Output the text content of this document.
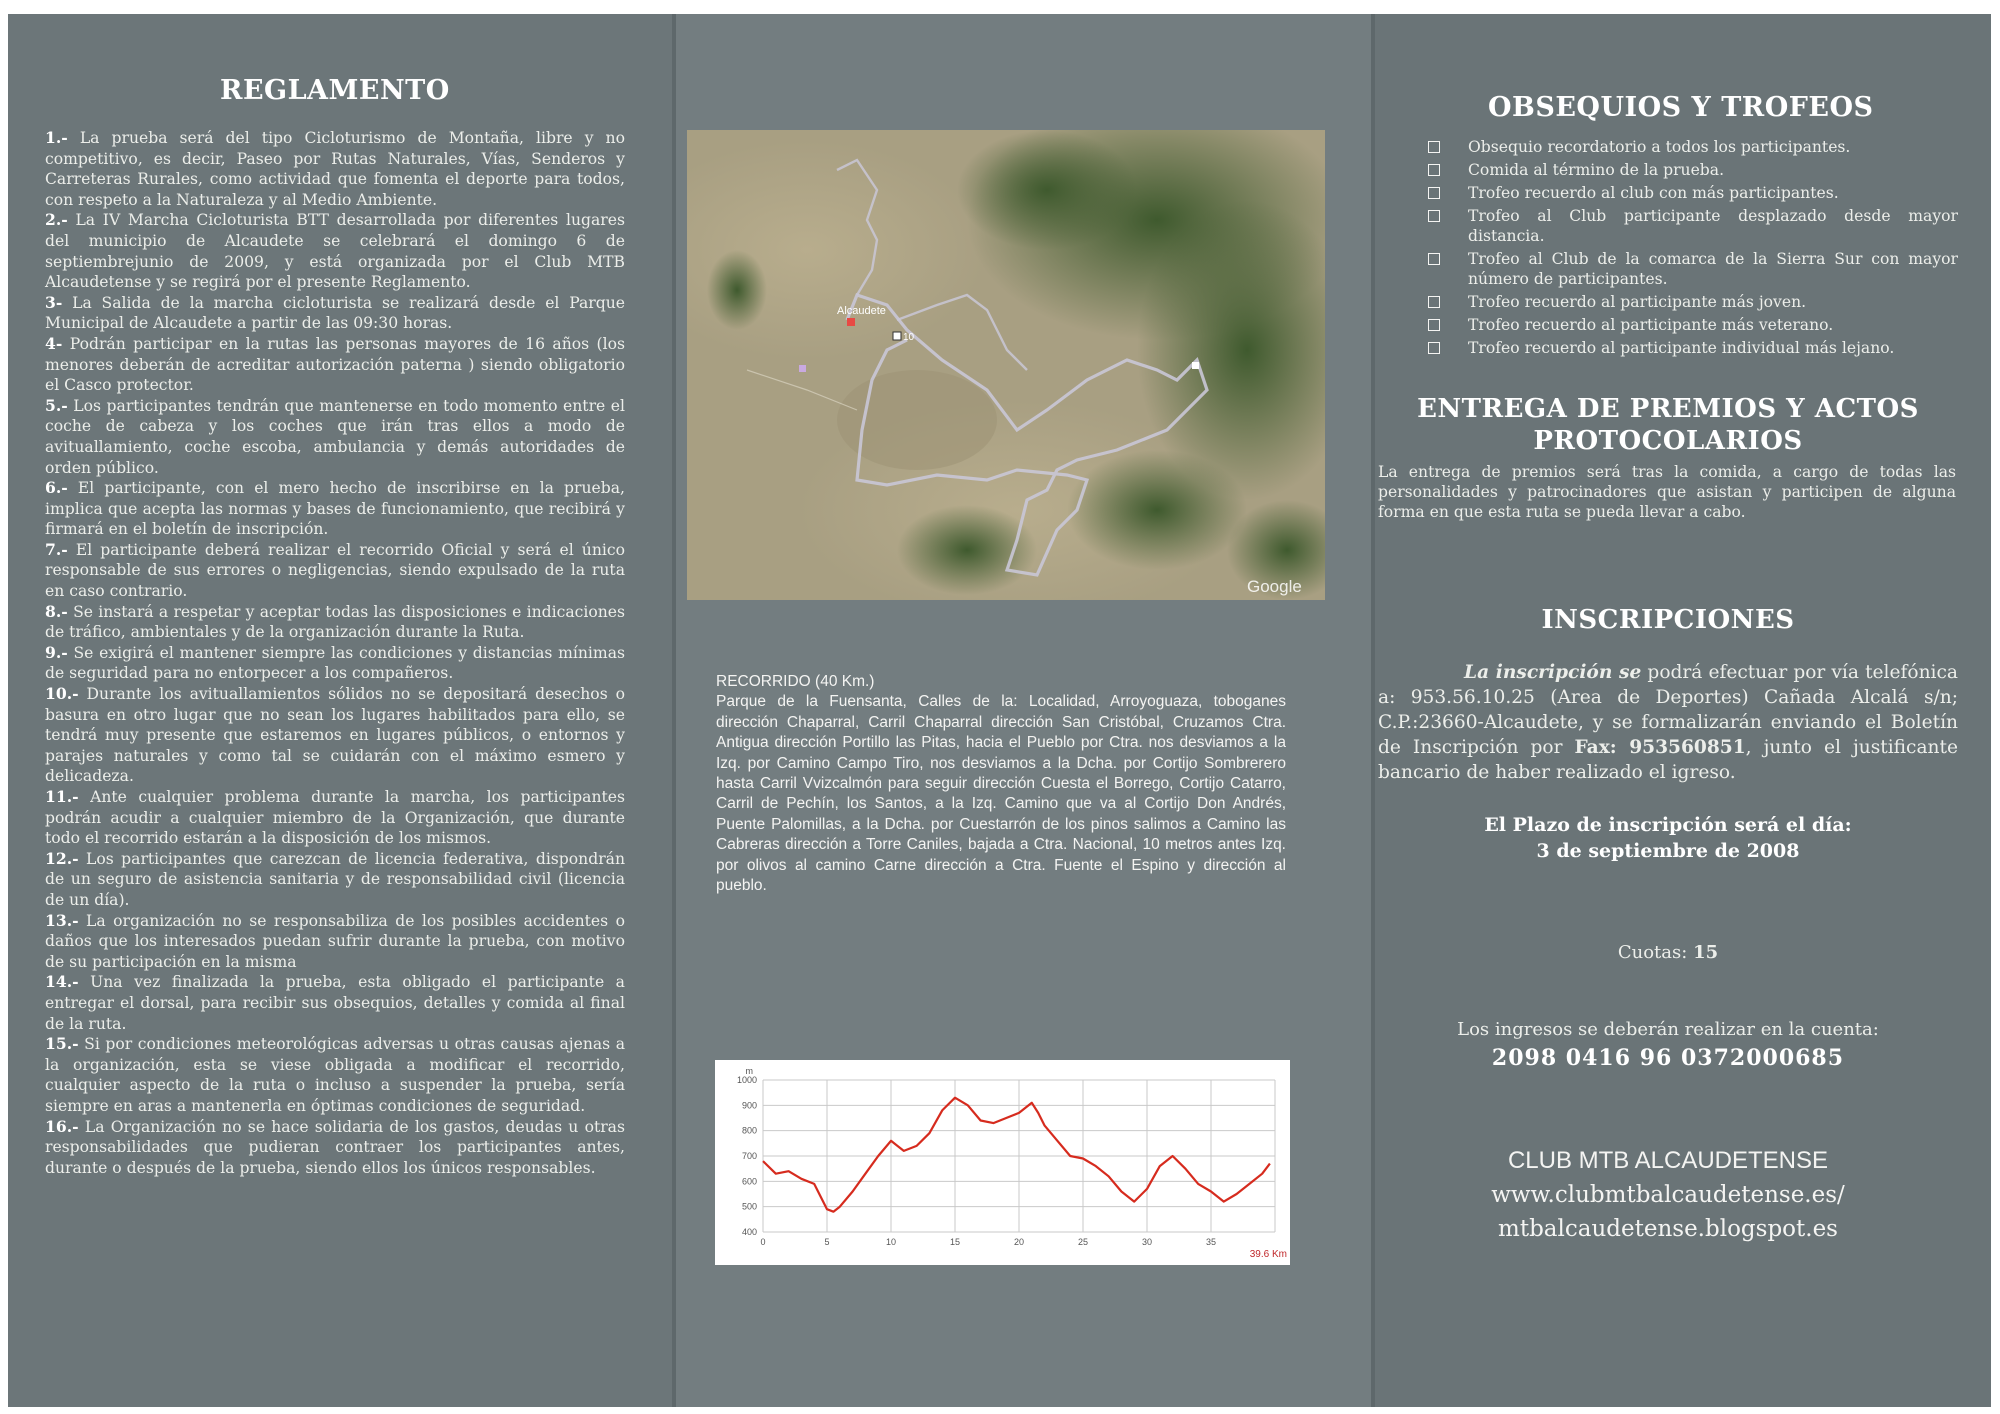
REGLAMENTO

1.- La prueba será del tipo Cicloturismo de Montaña, libre y no competitivo, es decir, Paseo por Rutas Naturales, Vías, Senderos y Carreteras Rurales, como actividad que fomenta el deporte para todos, con respeto a la Naturaleza y al Medio Ambiente.

2.- La IV Marcha Cicloturista BTT desarrollada por diferentes lugares del municipio de Alcaudete se celebrará el domingo 6 de septiembrejunio de 2009, y está organizada por el Club MTB Alcaudetense y se regirá por el presente Reglamento.

3- La Salida de la marcha cicloturista se realizará desde el Parque Municipal de Alcaudete a partir de las 09:30 horas.

4- Podrán participar en la rutas las personas mayores de 16 años (los menores deberán de acreditar autorización paterna ) siendo obligatorio el Casco protector.

5.- Los participantes tendrán que mantenerse en todo momento entre el coche de cabeza y los coches que irán tras ellos a modo de avituallamiento, coche escoba, ambulancia y demás autoridades de orden público.

6.- El participante, con el mero hecho de inscribirse en la prueba, implica que acepta las normas y bases de funcionamiento, que recibirá y firmará en el boletín de inscripción.

7.- El participante deberá realizar el recorrido Oficial y será el único responsable de sus errores o negligencias, siendo expulsado de la ruta en caso contrario.

8.- Se instará a respetar y aceptar todas las disposiciones e indicaciones de tráfico, ambientales y de la organización durante la Ruta.

9.- Se exigirá el mantener siempre las condiciones y distancias mínimas de seguridad para no entorpecer a los compañeros.

10.- Durante los avituallamientos sólidos no se depositará desechos o basura en otro lugar que no sean los lugares habilitados para ello, se tendrá muy presente que estaremos en lugares públicos, o entornos y parajes naturales y como tal se cuidarán con el máximo esmero y delicadeza.

11.- Ante cualquier problema durante la marcha, los participantes podrán acudir a cualquier miembro de la Organización, que durante todo el recorrido estarán a la disposición de los mismos.

12.- Los participantes que carezcan de licencia federativa, dispondrán de un seguro de asistencia sanitaria y de responsabilidad civil (licencia de un día).

13.- La organización no se responsabiliza de los posibles accidentes o daños que los interesados puedan sufrir durante la prueba, con motivo de su participación en la misma

14.- Una vez finalizada la prueba, esta obligado el participante a entregar el dorsal, para recibir sus obsequios, detalles y comida al final de la ruta.

15.- Si por condiciones meteorológicas adversas u otras causas ajenas a la organización, esta se viese obligada a modificar el recorrido, cualquier aspecto de la ruta o incluso a suspender la prueba, sería siempre en aras a mantenerla en óptimas condiciones de seguridad.

16.- La Organización no se hace solidaria de los gastos, deudas u otras responsabilidades que pudieran contraer los participantes antes, durante o después de la prueba, siendo ellos los únicos responsables.

Alcaudete
10
Google

RECORRIDO (40 Km.)

Parque de la Fuensanta, Calles de la: Localidad, Arroyoguaza, toboganes dirección Chaparral, Carril Chaparral dirección San Cristóbal, Cruzamos Ctra. Antigua dirección Portillo las Pitas, hacia el Pueblo por Ctra. nos desviamos a la Izq. por Camino Campo Tiro, nos desviamos a la Dcha. por Cortijo Sombrerero hasta Carril Vvizcalmón para seguir dirección Cuesta el Borrego, Cortijo Catarro, Carril de Pechín, los Santos, a la Izq. Camino que va al Cortijo Don Andrés, Puente Palomillas, a la Dcha. por Cuestarrón de los pinos salimos a Camino las Cabreras dirección a Torre Caniles, bajada a Ctra. Nacional, 10 metros antes Izq. por olivos al camino Carne dirección a Ctra. Fuente el Espino y dirección al pueblo.

400
500
600
700
800
900
1000
0	5	10	15	20	25	30	35
m
39.6 Km
OBSEQUIOS Y TROFEOS
Obsequio recordatorio a todos los participantes.
Comida al término de la prueba.
Trofeo recuerdo al club con más participantes.
Trofeo al Club participante desplazado desde mayor distancia.
Trofeo al Club de la comarca de la Sierra Sur con mayor número de participantes.
Trofeo recuerdo al participante más joven.
Trofeo recuerdo al participante más veterano.
Trofeo recuerdo al participante individual más lejano.
ENTREGA DE PREMIOS Y ACTOS
PROTOCOLARIOS

La entrega de premios será tras la comida, a cargo de todas las personalidades y patrocinadores que asistan y participen de alguna forma en que esta ruta se pueda llevar a cabo.

INSCRIPCIONES

La inscripción se podrá efectuar por vía telefónica a: 953.56.10.25 (Area de Deportes) Cañada Alcalá s/n; C.P.:23660-Alcaudete, y se formalizarán enviando el Boletín de Inscripción por Fax: 953560851, junto el justificante bancario de haber realizado el igreso.

El Plazo de inscripción será el día:
3 de septiembre de 2008
Cuotas: 15
Los ingresos se deberán realizar en la cuenta:
2098 0416 96 0372000685
CLUB MTB ALCAUDETENSE
www.clubmtbalcaudetense.es/
mtbalcaudetense.blogspot.es
